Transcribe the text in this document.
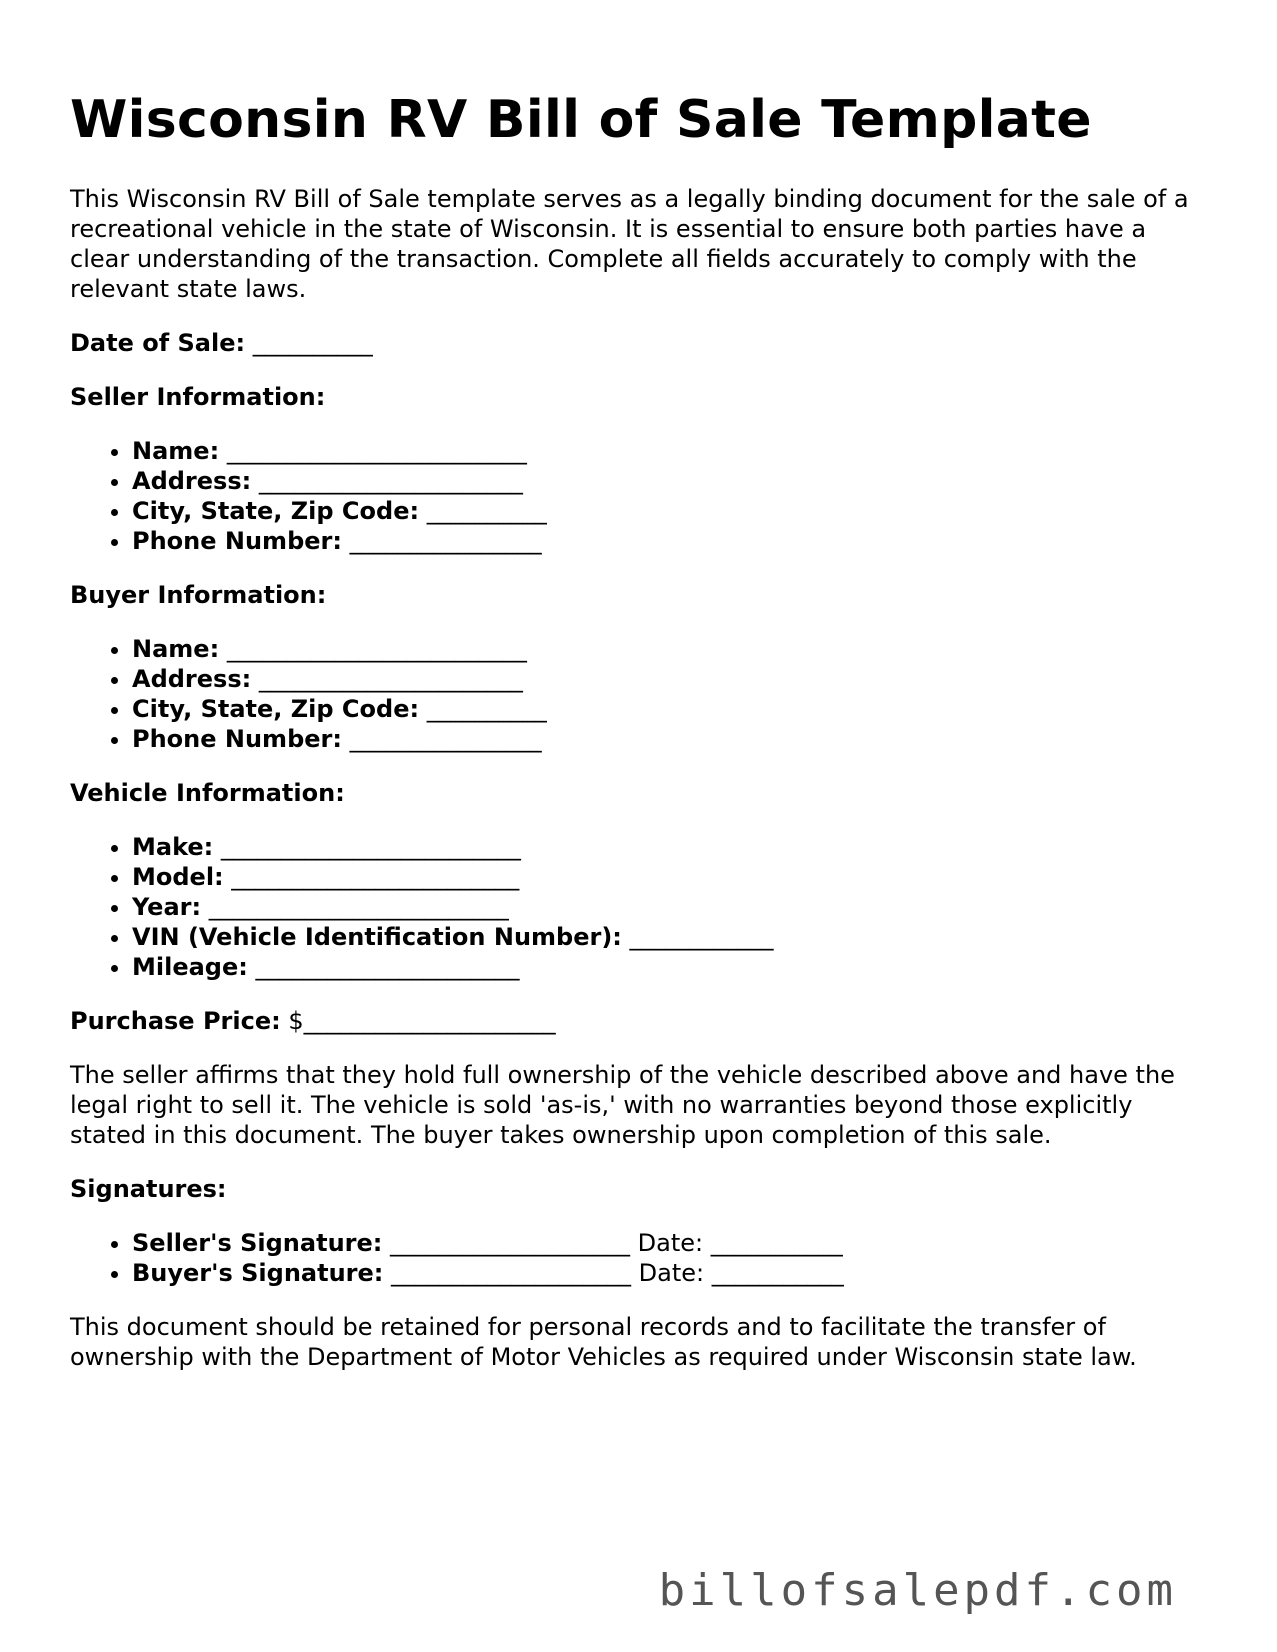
Wisconsin RV Bill of Sale Template

This Wisconsin RV Bill of Sale template serves as a legally binding document for the sale of a recreational vehicle in the state of Wisconsin. It is essential to ensure both parties have a clear understanding of the transaction. Complete all fields accurately to comply with the relevant state laws.

Date of Sale: __________
Seller Information:
• Name: _________________________
• Address: ______________________
• City, State, Zip Code: __________
• Phone Number: ________________
Buyer Information:
• Name: _________________________
• Address: ______________________
• City, State, Zip Code: __________
• Phone Number: ________________
Vehicle Information:
• Make: _________________________
• Model: ________________________
• Year: _________________________
• VIN (Vehicle Identification Number): ____________
• Mileage: ______________________
Purchase Price: $_____________________

The seller affirms that they hold full ownership of the vehicle described above and have the legal right to sell it. The vehicle is sold 'as-is,' with no warranties beyond those explicitly stated in this document. The buyer takes ownership upon completion of this sale.

Signatures:
• Seller's Signature: ____________________ Date: ___________
• Buyer's Signature: ____________________ Date: ___________

This document should be retained for personal records and to facilitate the transfer of ownership with the Department of Motor Vehicles as required under Wisconsin state law.

billofsalepdf.com
